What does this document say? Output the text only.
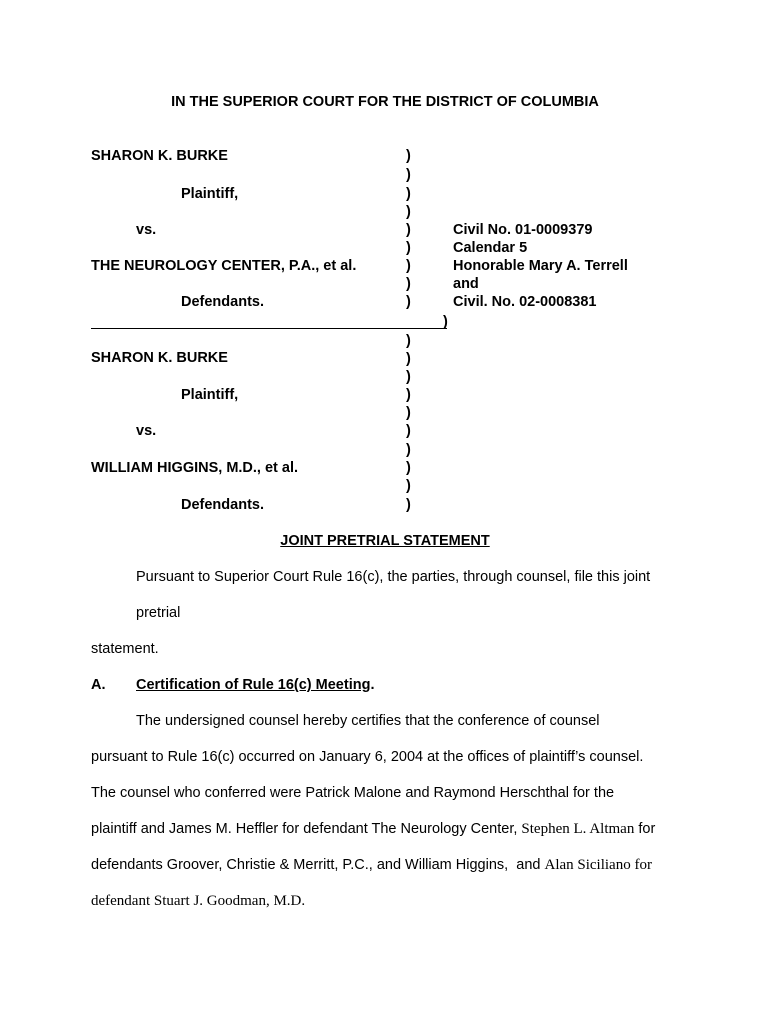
IN THE SUPERIOR COURT FOR THE DISTRICT OF COLUMBIA
SHARON K. BURKE
Plaintiff,
vs.
THE NEUROLOGY CENTER, P.A., et al.
Defendants.
Civil No. 01-0009379
Calendar 5
Honorable Mary A. Terrell
and
Civil. No. 02-0008381
)
)
)
)
)
)
)
)
)
)
)
)
)
)
)
)
)
)
)
)
SHARON K. BURKE
Plaintiff,
vs.
WILLIAM HIGGINS, M.D., et al.
Defendants.
JOINT PRETRIAL STATEMENT
Pursuant to Superior Court Rule 16(c), the parties, through counsel, file this joint
pretrial
statement.
A. Certification of Rule 16(c) Meeting.
The undersigned counsel hereby certifies that the conference of counsel
pursuant to Rule 16(c) occurred on January 6, 2004 at the offices of plaintiff’s counsel.
The counsel who conferred were Patrick Malone and Raymond Herschthal for the
plaintiff and James M. Heffler for defendant The Neurology Center, Stephen L. Altman for
defendants Groover, Christie & Merritt, P.C., and William Higgins, and Alan Siciliano for
defendant Stuart J. Goodman, M.D.
